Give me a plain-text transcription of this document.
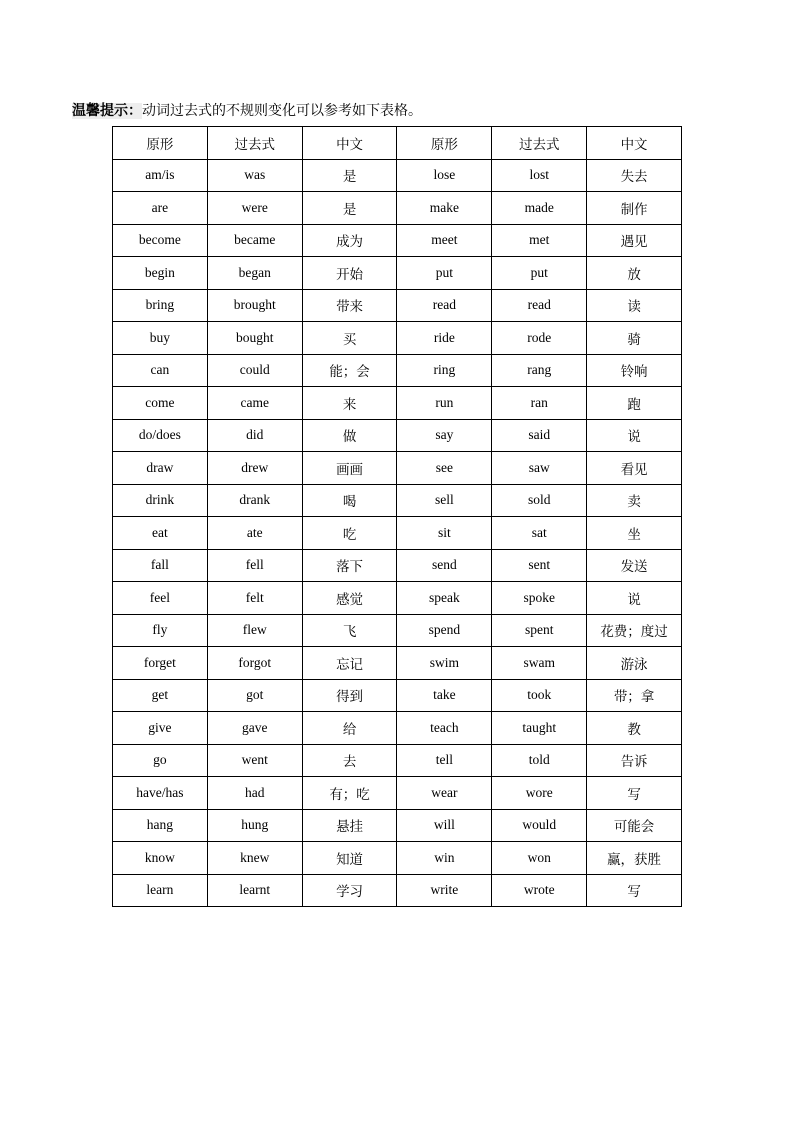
温馨提示：动词过去式的不规则变化可以参考如下表格。
原形	过去式	中文	原形	过去式	中文
am/is	was	是	lose	lost	失去
are	were	是	make	made	制作
become	became	成为	meet	met	遇见
begin	began	开始	put	put	放
bring	brought	带来	read	read	读
buy	bought	买	ride	rode	骑
can	could	能；会	ring	rang	铃响
come	came	来	run	ran	跑
do/does	did	做	say	said	说
draw	drew	画画	see	saw	看见
drink	drank	喝	sell	sold	卖
eat	ate	吃	sit	sat	坐
fall	fell	落下	send	sent	发送
feel	felt	感觉	speak	spoke	说
fly	flew	飞	spend	spent	花费；度过
forget	forgot	忘记	swim	swam	游泳
get	got	得到	take	took	带；拿
give	gave	给	teach	taught	教
go	went	去	tell	told	告诉
have/has	had	有；吃	wear	wore	写
hang	hung	悬挂	will	would	可能会
know	knew	知道	win	won	赢，获胜
learn	learnt	学习	write	wrote	写
